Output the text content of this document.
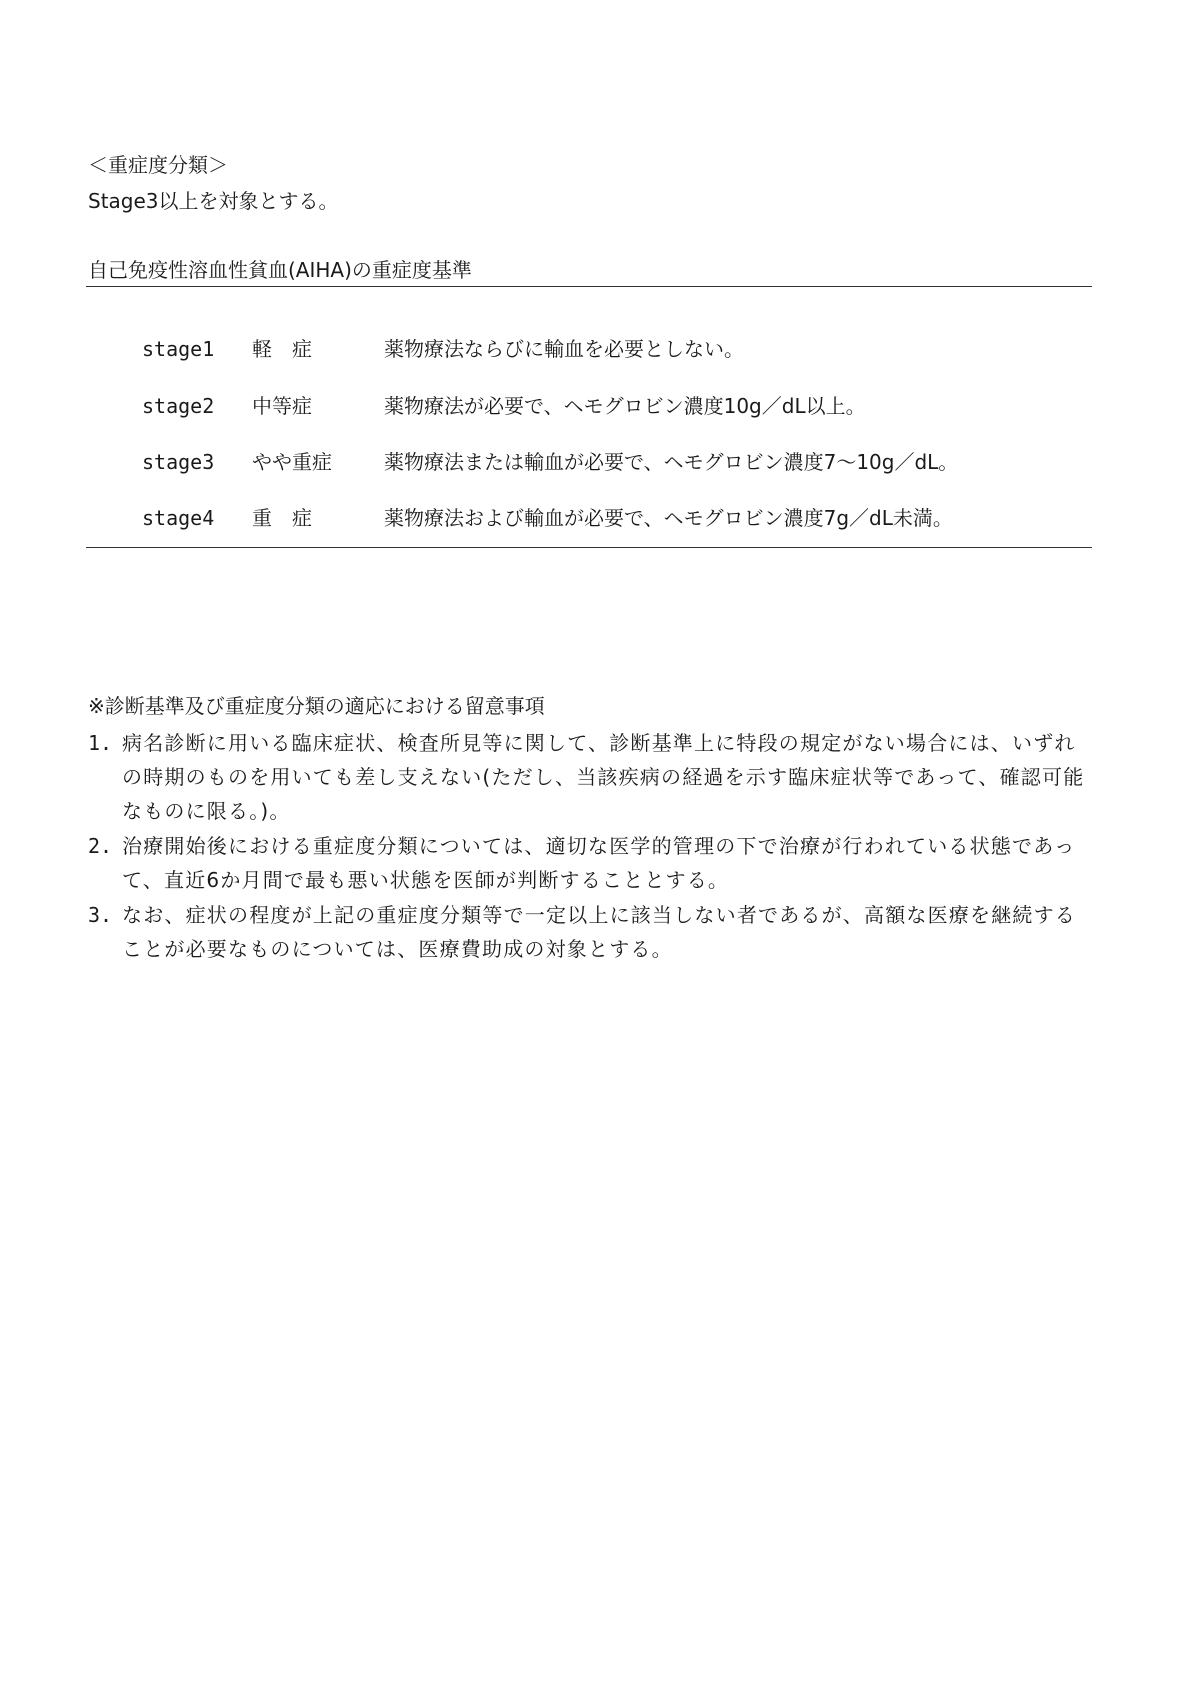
＜重症度分類＞
Stage3以上を対象とする。
自己免疫性溶血性貧血(AIHA)の重症度基準
stage1 軽　症	薬物療法ならびに輸血を必要としない。
stage2 中等症	薬物療法が必要で、ヘモグロビン濃度10g／dL以上。
stage3 やや重症	薬物療法または輸血が必要で、ヘモグロビン濃度7～10g／dL。
stage4 重　症	薬物療法および輸血が必要で、ヘモグロビン濃度7g／dL未満。
※診断基準及び重症度分類の適応における留意事項
1. 病名診断に用いる臨床症状、検査所見等に関して、診断基準上に特段の規定がない場合には、いずれの時期のものを用いても差し支えない(ただし、当該疾病の経過を示す臨床症状等であって、確認可能なものに限る。)。
2. 治療開始後における重症度分類については、適切な医学的管理の下で治療が行われている状態であって、直近6か月間で最も悪い状態を医師が判断することとする。
3. なお、症状の程度が上記の重症度分類等で一定以上に該当しない者であるが、高額な医療を継続することが必要なものについては、医療費助成の対象とする。
